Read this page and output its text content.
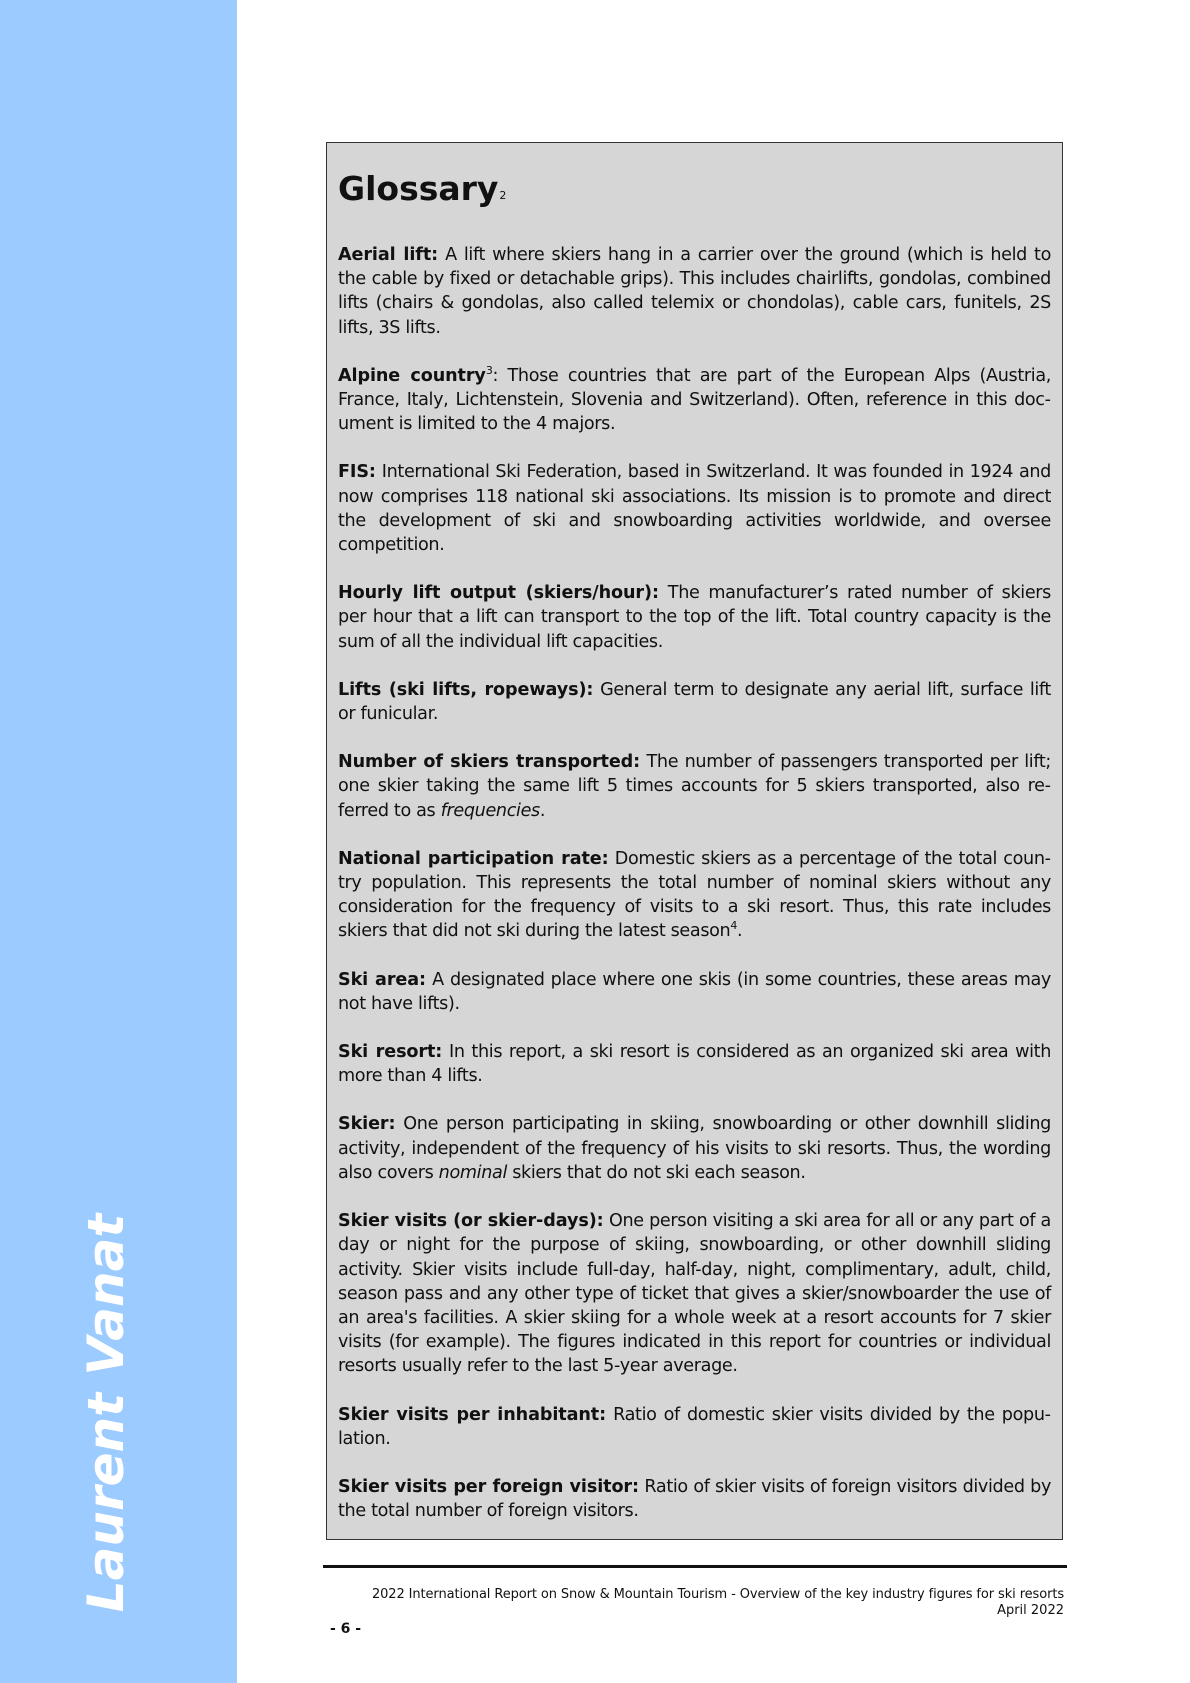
Laurent Vanat
Glossary$^2$

Aerial lift: A lift where skiers hang in a carrier over the ground (which is held to the cable by fixed or detachable grips). This includes chairlifts, gondolas, combined lifts (chairs & gondolas, also called telemix or chondolas), cable cars, funitels, 2S lifts, 3S lifts.

Alpine country$^3$: Those countries that are part of the European Alps (Austria, France, Italy, Lichtenstein, Slovenia and Switzerland). Often, reference in this document is limited to the 4 majors.

FIS: International Ski Federation, based in Switzerland. It was founded in 1924 and now comprises 118 national ski associations. Its mission is to promote and direct the development of ski and snowboarding activities worldwide, and oversee competition.

Hourly lift output (skiers/hour): The manufacturer’s rated number of skiers per hour that a lift can transport to the top of the lift. Total country capacity is the sum of all the individual lift capacities.

Lifts (ski lifts, ropeways): General term to designate any aerial lift, surface lift or funicular.

Number of skiers transported: The number of passengers transported per lift; one skier taking the same lift 5 times accounts for 5 skiers transported, also referred to as frequencies.

National participation rate: Domestic skiers as a percentage of the total country population. This represents the total number of nominal skiers without any consideration for the frequency of visits to a ski resort. Thus, this rate includes skiers that did not ski during the latest season$^4$.

Ski area: A designated place where one skis (in some countries, these areas may not have lifts).

Ski resort: In this report, a ski resort is considered as an organized ski area with more than 4 lifts.

Skier: One person participating in skiing, snowboarding or other downhill sliding activity, independent of the frequency of his visits to ski resorts. Thus, the wording also covers nominal skiers that do not ski each season.

Skier visits (or skier-days): One person visiting a ski area for all or any part of a day or night for the purpose of skiing, snowboarding, or other downhill sliding activity. Skier visits include full-day, half-day, night, complimentary, adult, child, season pass and any other type of ticket that gives a skier/snowboarder the use of an area's facilities. A skier skiing for a whole week at a resort accounts for 7 skier visits (for example). The figures indicated in this report for countries or individual resorts usually refer to the last 5-year average.

Skier visits per inhabitant: Ratio of domestic skier visits divided by the population.

Skier visits per foreign visitor: Ratio of skier visits of foreign visitors divided by the total number of foreign visitors.

2022 International Report on Snow & Mountain Tourism - Overview of the key industry figures for ski resorts
April 2022
- 6 -
